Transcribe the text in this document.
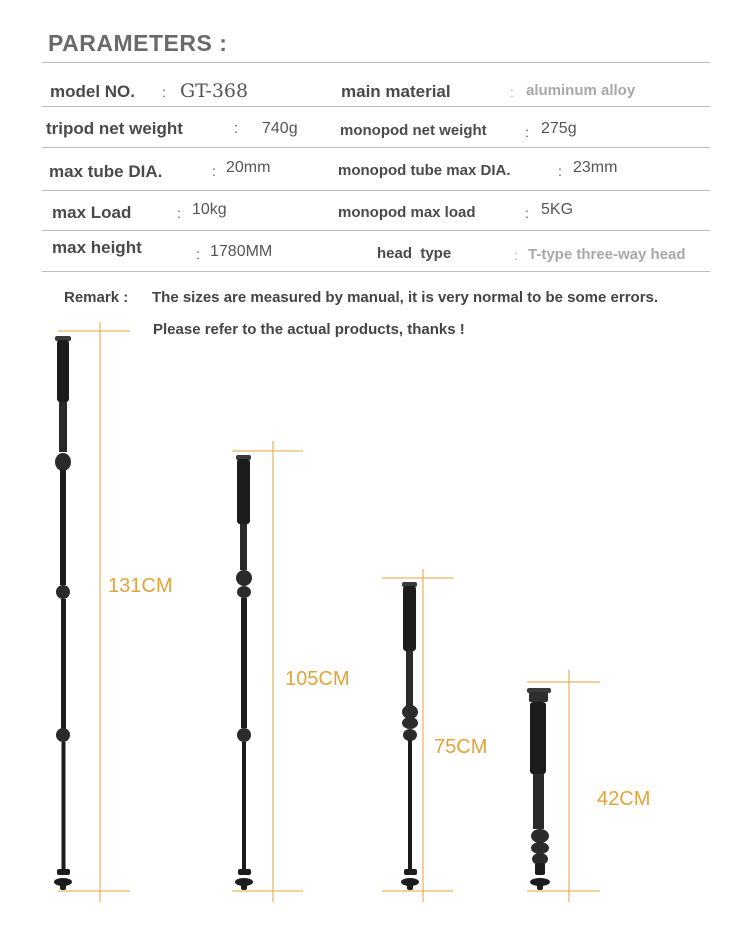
PARAMETERS :
model NO. : GT-368	main material	: aluminum alloy
tripod net weight	: 740g	monopod net weight	: 275g
max tube DIA.	: 20mm	monopod tube max DIA.	: 23mm
max Load	: 10kg	monopod max load	: 5KG
max height	: 1780MM	head  type	: T-type three-way head
Remark : The sizes are measured by manual, it is very normal to be some errors.
Please refer to the actual products, thanks !
131CM
105CM
75CM
42CM
